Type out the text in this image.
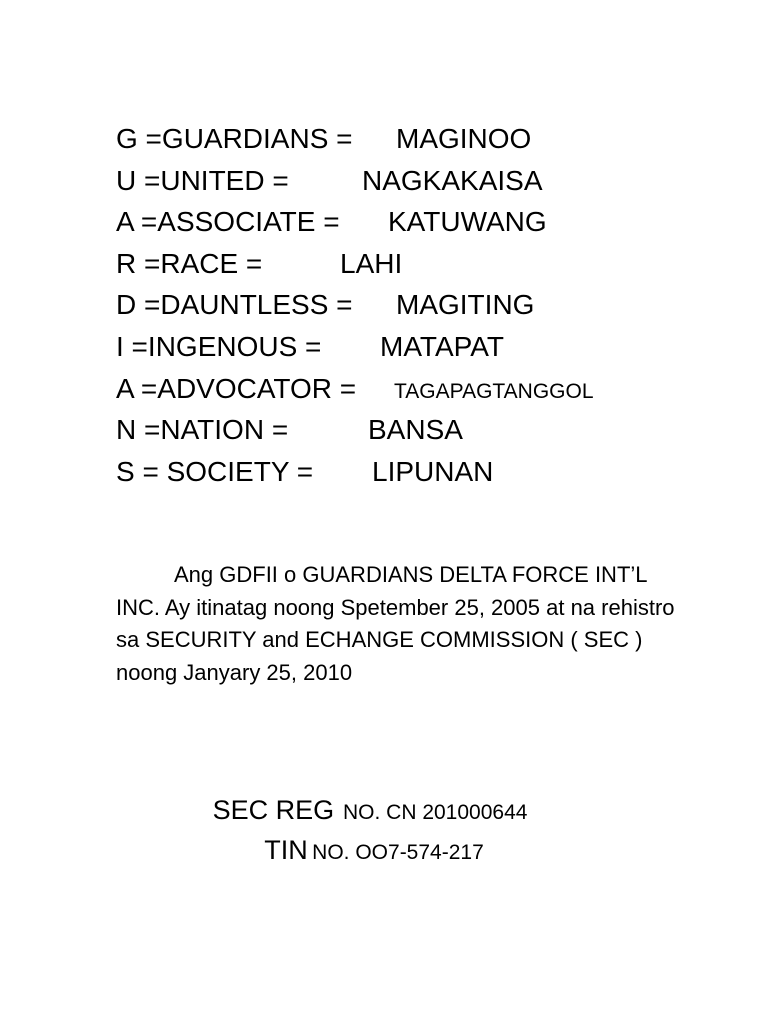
G =GUARDIANS = MAGINOO
U =UNITED =	NAGKAKAISA
A =ASSOCIATE = KATUWANG
R =RACE =	LAHI
D =DAUNTLESS = MAGITING
I =INGENOUS = MATAPAT
A =ADVOCATOR = TAGAPAGTANGGOL
N =NATION =	BANSA
S = SOCIETY = LIPUNAN

Ang GDFII o GUARDIANS DELTA FORCE INT’L INC. Ay itinatag noong Spetember 25, 2005 at na rehistro sa SECURITY and ECHANGE COMMISSION ( SEC ) noong Janyary 25, 2010

SEC REG NO. CN 201000644
TIN NO. OO7-574-217
